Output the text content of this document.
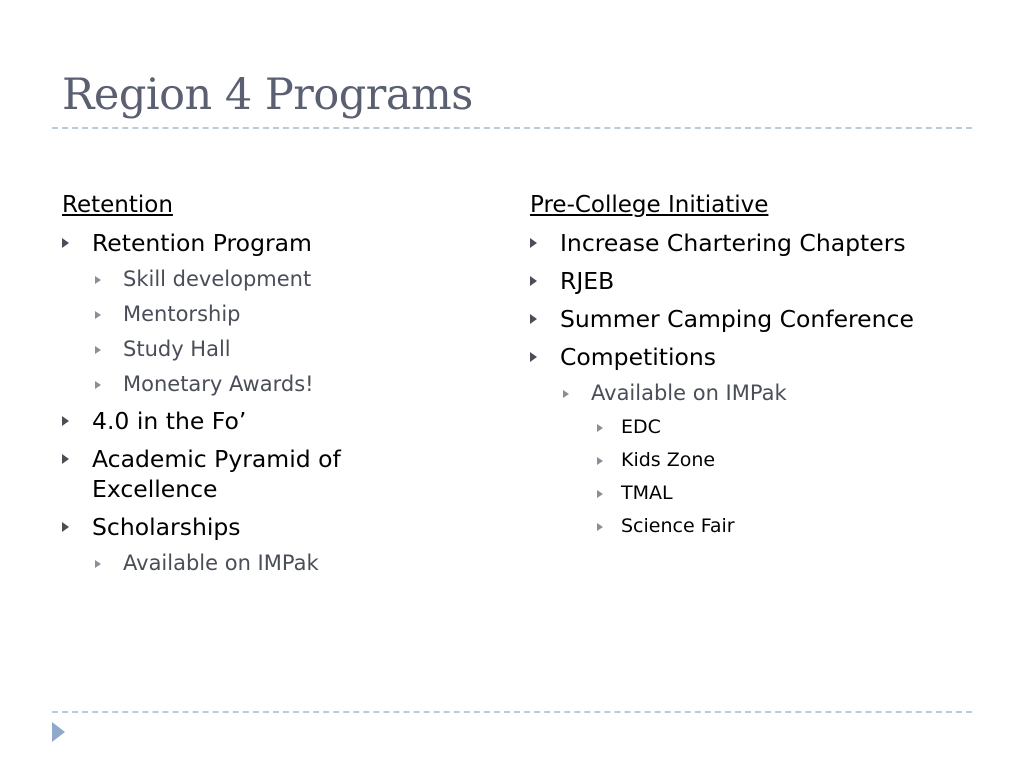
Region 4 Programs
Retention
Retention Program
Skill development
Mentorship
Study Hall
Monetary Awards!
4.0 in the Fo’
Academic Pyramid of Excellence
Scholarships
Available on IMPak
Pre-College Initiative
Increase Chartering Chapters
RJEB
Summer Camping Conference
Competitions
Available on IMPak
EDC
Kids Zone
TMAL
Science Fair
